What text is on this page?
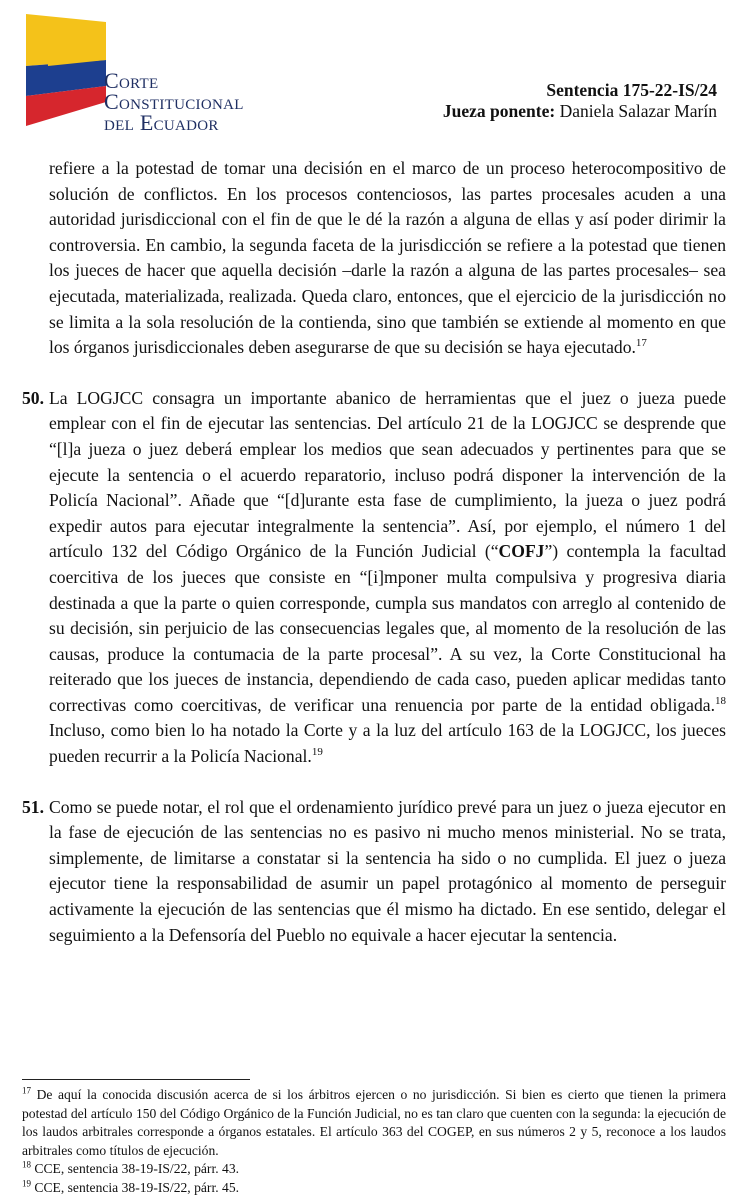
Corte
Constitucional
del Ecuador
Sentencia 175-22-IS/24
Jueza ponente: Daniela Salazar Marín

refiere a la potestad de tomar una decisión en el marco de un proceso heterocompositivo de solución de conflictos. En los procesos contenciosos, las partes procesales acuden a una autoridad jurisdiccional con el fin de que le dé la razón a alguna de ellas y así poder dirimir la controversia. En cambio, la segunda faceta de la jurisdicción se refiere a la potestad que tienen los jueces de hacer que aquella decisión –darle la razón a alguna de las partes procesales– sea ejecutada, materializada, realizada. Queda claro, entonces, que el ejercicio de la jurisdicción no se limita a la sola resolución de la contienda, sino que también se extiende al momento en que los órganos jurisdiccionales deben asegurarse de que su decisión se haya ejecutado.$^{17}$

50. La LOGJCC consagra un importante abanico de herramientas que el juez o jueza puede emplear con el fin de ejecutar las sentencias. Del artículo 21 de la LOGJCC se desprende que “[l]a jueza o juez deberá emplear los medios que sean adecuados y pertinentes para que se ejecute la sentencia o el acuerdo reparatorio, incluso podrá disponer la intervención de la Policía Nacional”. Añade que “[d]urante esta fase de cumplimiento, la jueza o juez podrá expedir autos para ejecutar integralmente la sentencia”. Así, por ejemplo, el número 1 del artículo 132 del Código Orgánico de la Función Judicial (“COFJ”) contempla la facultad coercitiva de los jueces que consiste en “[i]mponer multa compulsiva y progresiva diaria destinada a que la parte o quien corresponde, cumpla sus mandatos con arreglo al contenido de su decisión, sin perjuicio de las consecuencias legales que, al momento de la resolución de las causas, produce la contumacia de la parte procesal”. A su vez, la Corte Constitucional ha reiterado que los jueces de instancia, dependiendo de cada caso, pueden aplicar medidas tanto correctivas como coercitivas, de verificar una renuencia por parte de la entidad obligada.$^{18}$ Incluso, como bien lo ha notado la Corte y a la luz del artículo 163 de la LOGJCC, los jueces pueden recurrir a la Policía Nacional.$^{19}$

51. Como se puede notar, el rol que el ordenamiento jurídico prevé para un juez o jueza ejecutor en la fase de ejecución de las sentencias no es pasivo ni mucho menos ministerial. No se trata, simplemente, de limitarse a constatar si la sentencia ha sido o no cumplida. El juez o jueza ejecutor tiene la responsabilidad de asumir un papel protagónico al momento de perseguir activamente la ejecución de las sentencias que él mismo ha dictado. En ese sentido, delegar el seguimiento a la Defensoría del Pueblo no equivale a hacer ejecutar la sentencia.

$^{17}$ De aquí la conocida discusión acerca de si los árbitros ejercen o no jurisdicción. Si bien es cierto que tienen la primera potestad del artículo 150 del Código Orgánico de la Función Judicial, no es tan claro que cuenten con la segunda: la ejecución de los laudos arbitrales corresponde a órganos estatales. El artículo 363 del COGEP, en sus números 2 y 5, reconoce a los laudos arbitrales como títulos de ejecución.

$^{18}$ CCE, sentencia 38-19-IS/22, párr. 43.

$^{19}$ CCE, sentencia 38-19-IS/22, párr. 45.
